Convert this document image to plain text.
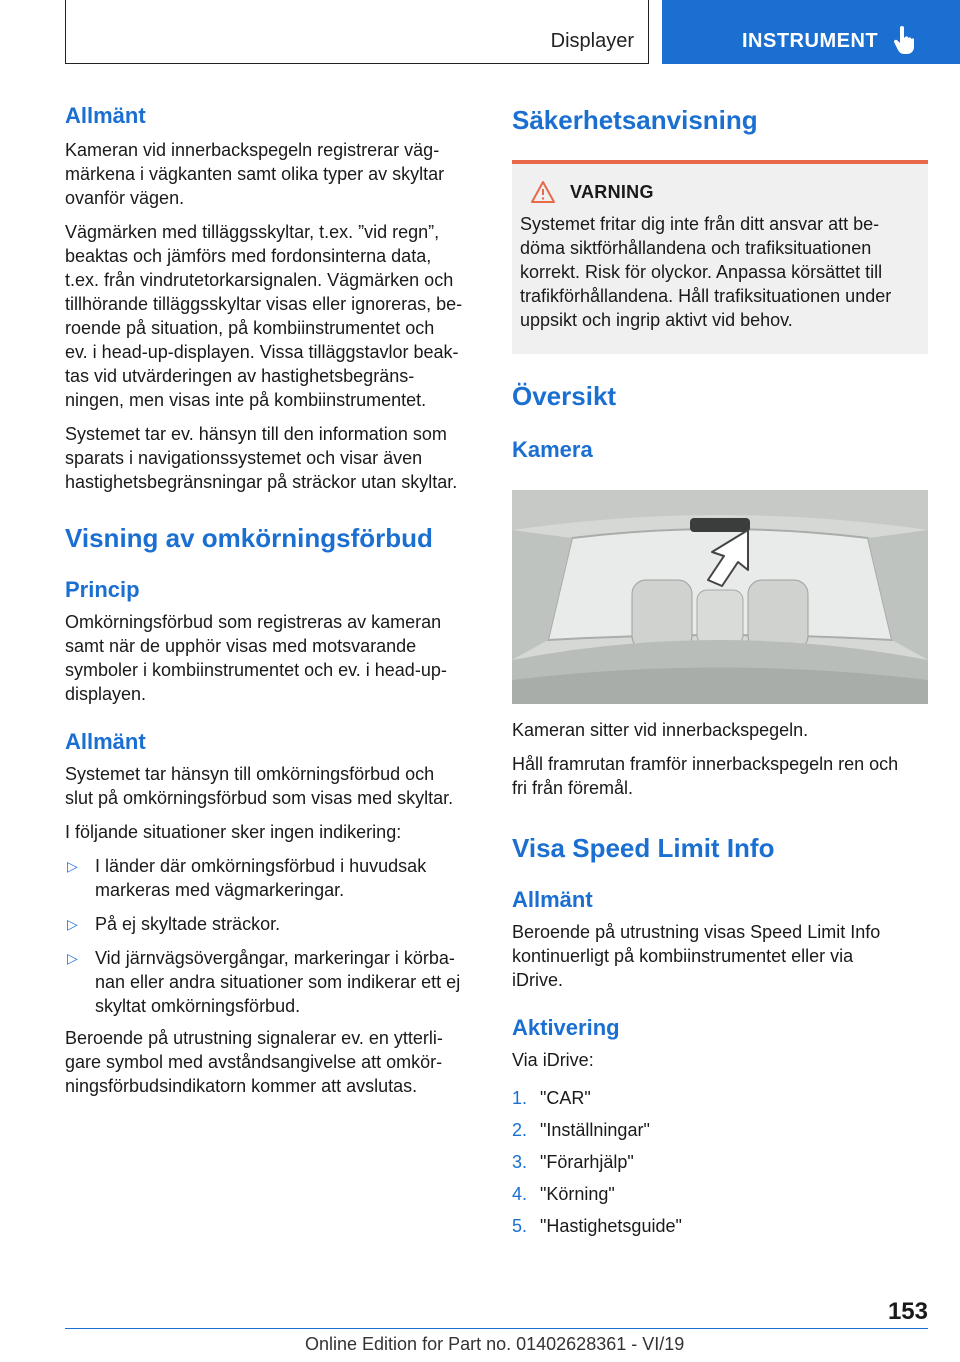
Displayer	INSTRUMENT
Allmänt

Kameran vid innerbackspegeln registrerar väg-
märkena i vägkanten samt olika typer av skyltar
ovanför vägen.

Vägmärken med tilläggsskyltar, t.ex. ”vid regn”,
beaktas och jämförs med fordonsinterna data,
t.ex. från vindrutetorkarsignalen. Vägmärken och
tillhörande tilläggsskyltar visas eller ignoreras, be-
roende på situation, på kombiinstrumentet och
ev. i head-up-displayen. Vissa tilläggstavlor beak-
tas vid utvärderingen av hastighetsbegräns-
ningen, men visas inte på kombiinstrumentet.

Systemet tar ev. hänsyn till den information som
sparats i navigationssystemet och visar även
hastighetsbegränsningar på sträckor utan skyltar.

Visning av omkörningsförbud
Princip

Omkörningsförbud som registreras av kameran
samt när de upphör visas med motsvarande
symboler i kombiinstrumentet och ev. i head-up-
displayen.

Allmänt

Systemet tar hänsyn till omkörningsförbud och
slut på omkörningsförbud som visas med skyltar.

I följande situationer sker ingen indikering:

▷ I länder där omkörningsförbud i huvudsak
markeras med vägmarkeringar.
▷ På ej skyltade sträckor.
▷ Vid järnvägsövergångar, markeringar i körba-
nan eller andra situationer som indikerar ett ej
skyltat omkörningsförbud.

Beroende på utrustning signalerar ev. en ytterli-
gare symbol med avståndsangivelse att omkör-
ningsförbudsindikatorn kommer att avslutas.

Säkerhetsanvisning
VARNING

Systemet fritar dig inte från ditt ansvar att be-
döma siktförhållandena och trafiksituationen
korrekt. Risk för olyckor. Anpassa körsättet till
trafikförhållandena. Håll trafiksituationen under
uppsikt och ingrip aktivt vid behov.

Översikt
Kamera

Kameran sitter vid innerbackspegeln.

Håll framrutan framför innerbackspegeln ren och
fri från föremål.

Visa Speed Limit Info
Allmänt

Beroende på utrustning visas Speed Limit Info
kontinuerligt på kombiinstrumentet eller via
iDrive.

Aktivering

Via iDrive:

1. "CAR"
2. "Inställningar"
3. "Förarhjälp"
4. "Körning"
5. "Hastighetsguide"
153
Online Edition for Part no. 01402628361 - VI/19
